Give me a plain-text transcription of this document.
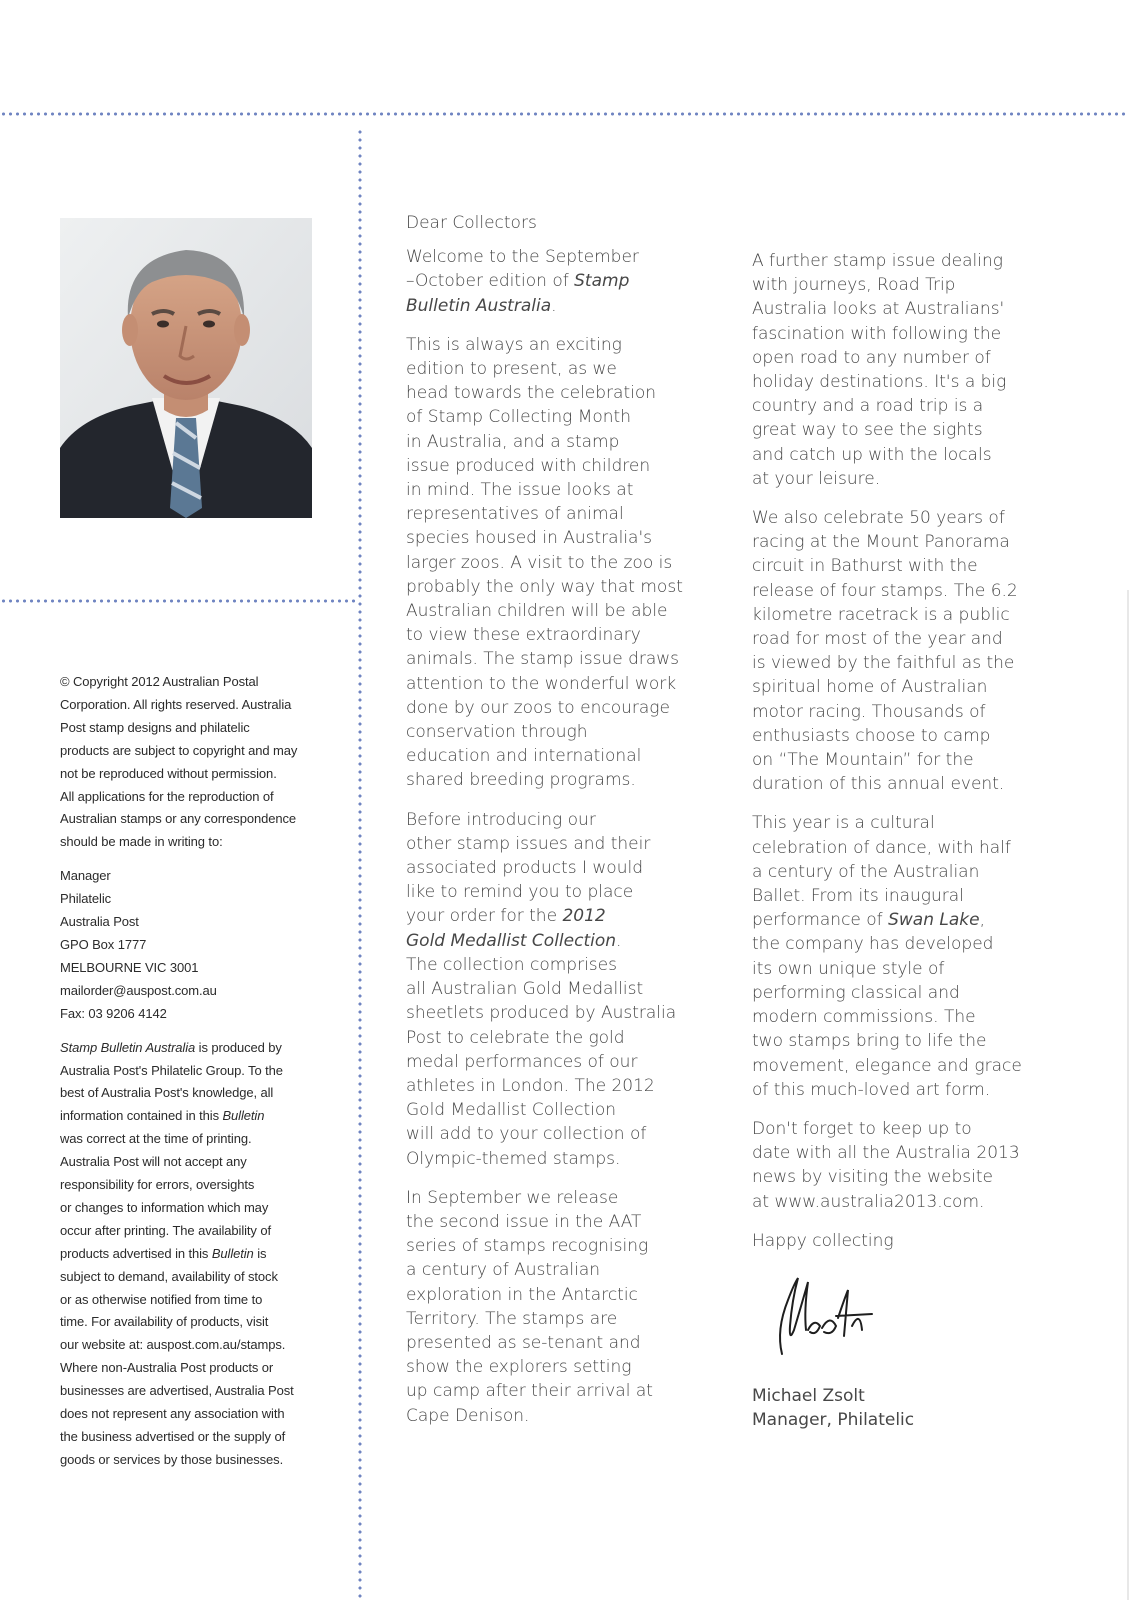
© Copyright 2012 Australian Postal

Corporation. All rights reserved. Australia

Post stamp designs and philatelic

products are subject to copyright and may

not be reproduced without permission.

All applications for the reproduction of

Australian stamps or any correspondence

should be made in writing to:

Manager

Philatelic

Australia Post

GPO Box 1777

MELBOURNE VIC 3001

mailorder@auspost.com.au

Fax: 03 9206 4142

Stamp Bulletin Australia is produced by

Australia Post's Philatelic Group. To the

best of Australia Post's knowledge, all

information contained in this Bulletin

was correct at the time of printing.

Australia Post will not accept any

responsibility for errors, oversights

or changes to information which may

occur after printing. The availability of

products advertised in this Bulletin is

subject to demand, availability of stock

or as otherwise notified from time to

time. For availability of products, visit

our website at: auspost.com.au/stamps.

Where non-Australia Post products or

businesses are advertised, Australia Post

does not represent any association with

the business advertised or the supply of

goods or services by those businesses.

Dear Collectors

Welcome to the September
–October edition of Stamp
Bulletin Australia.

This is always an exciting
edition to present, as we
head towards the celebration
of Stamp Collecting Month
in Australia, and a stamp
issue produced with children
in mind. The issue looks at
representatives of animal
species housed in Australia's
larger zoos. A visit to the zoo is
probably the only way that most
Australian children will be able
to view these extraordinary
animals. The stamp issue draws
attention to the wonderful work
done by our zoos to encourage
conservation through
education and international
shared breeding programs.

Before introducing our
other stamp issues and their
associated products I would
like to remind you to place
your order for the 2012
Gold Medallist Collection.
The collection comprises
all Australian Gold Medallist
sheetlets produced by Australia
Post to celebrate the gold
medal performances of our
athletes in London. The 2012
Gold Medallist Collection
will add to your collection of
Olympic-themed stamps.

In September we release
the second issue in the AAT
series of stamps recognising
a century of Australian
exploration in the Antarctic
Territory. The stamps are
presented as se-tenant and
show the explorers setting
up camp after their arrival at
Cape Denison.

A further stamp issue dealing
with journeys, Road Trip
Australia looks at Australians'
fascination with following the
open road to any number of
holiday destinations. It's a big
country and a road trip is a
great way to see the sights
and catch up with the locals
at your leisure.

We also celebrate 50 years of
racing at the Mount Panorama
circuit in Bathurst with the
release of four stamps. The 6.2
kilometre racetrack is a public
road for most of the year and
is viewed by the faithful as the
spiritual home of Australian
motor racing. Thousands of
enthusiasts choose to camp
on “The Mountain” for the
duration of this annual event.

This year is a cultural
celebration of dance, with half
a century of the Australian
Ballet. From its inaugural
performance of Swan Lake,
the company has developed
its own unique style of
performing classical and
modern commissions. The
two stamps bring to life the
movement, elegance and grace
of this much-loved art form.

Don't forget to keep up to
date with all the Australia 2013
news by visiting the website
at www.australia2013.com.

Happy collecting

Michael Zsolt

Manager, Philatelic
